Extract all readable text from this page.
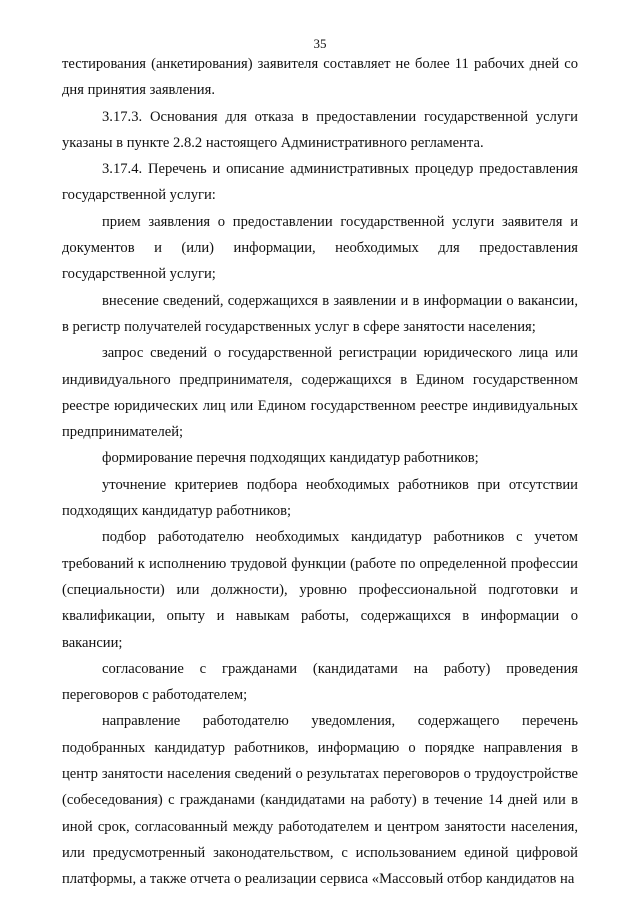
35

тестирования (анкетирования) заявителя составляет не более 11 рабочих дней со дня принятия заявления.

3.17.3. Основания для отказа в предоставлении государственной услуги указаны в пункте 2.8.2 настоящего Административного регламента.

3.17.4. Перечень и описание административных процедур предоставления государственной услуги:

прием заявления о предоставлении государственной услуги заявителя и документов и (или) информации, необходимых для предоставления государственной услуги;

внесение сведений, содержащихся в заявлении и в информации о вакансии, в регистр получателей государственных услуг в сфере занятости населения;

запрос сведений о государственной регистрации юридического лица или индивидуального предпринимателя, содержащихся в Едином государственном реестре юридических лиц или Едином государственном реестре индивидуальных предпринимателей;

формирование перечня подходящих кандидатур работников;

уточнение критериев подбора необходимых работников при отсутствии подходящих кандидатур работников;

подбор работодателю необходимых кандидатур работников с учетом требований к исполнению трудовой функции (работе по определенной профессии (специальности) или должности), уровню профессиональной подготовки и квалификации, опыту и навыкам работы, содержащихся в информации о вакансии;

согласование с гражданами (кандидатами на работу) проведения переговоров с работодателем;

направление работодателю уведомления, содержащего перечень подобранных кандидатур работников, информацию о порядке направления в центр занятости населения сведений о результатах переговоров о трудоустройстве (собеседования) с гражданами (кандидатами на работу) в течение 14 дней или в иной срок, согласованный между работодателем и центром занятости населения, или предусмотренный законодательством, с использованием единой цифровой платформы, а также отчета о реализации сервиса «Массовый отбор кандидатов на
